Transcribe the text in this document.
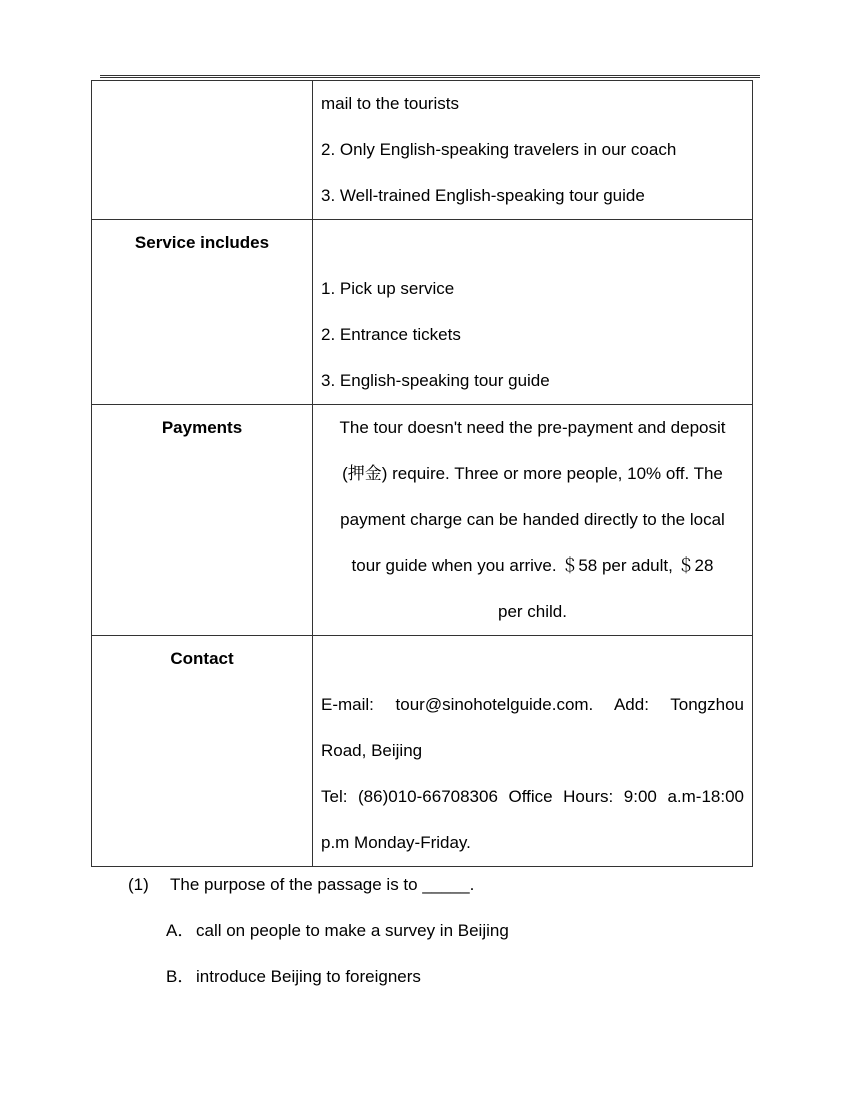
	mail to the tourists
2. Only English-speaking travelers in our coach
3. Well-trained English-speaking tour guide

Service includes	1. Pick up service
2. Entrance tickets
3. English-speaking tour guide

Payments	The tour doesn't need the pre-payment and deposit
(押金) require. Three or more people, 10% off. The
payment charge can be handed directly to the local
tour guide when you arrive. ＄58 per adult, ＄28
per child.

Contact	E-mail: tour@sinohotelguide.com. Add: Tongzhou
Road, Beijing
Tel: (86)010-66708306 Office Hours: 9:00 a.m-18:00
p.m Monday-Friday.
(1) The purpose of the passage is to _____.
A．call on people to make a survey in Beijing
B．introduce Beijing to foreigners
